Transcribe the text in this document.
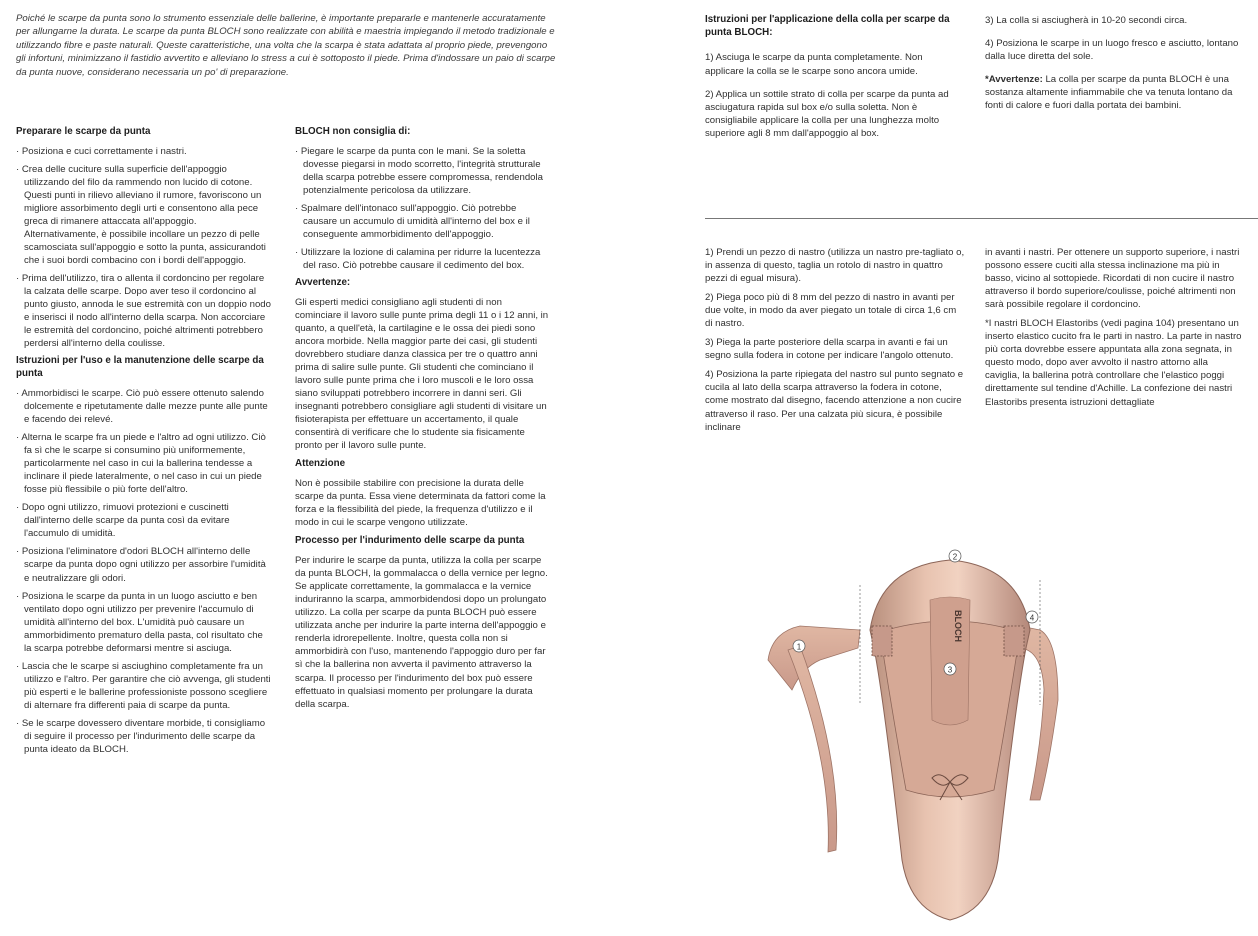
Poiché le scarpe da punta sono lo strumento essenziale delle ballerine, è importante prepararle e mantenerle accuratamente per allungarne la durata. Le scarpe da punta BLOCH sono realizzate con abilità e maestria impiegando il metodo tradizionale e utilizzando fibre e paste naturali. Queste caratteristiche, una volta che la scarpa è stata adattata al proprio piede, prevengono gli infortuni, minimizzano il fastidio avvertito e alleviano lo stress a cui è sottoposto il piede. Prima d'indossare un paio di scarpe da punta nuove, considerano necessaria un po' di preparazione.
Preparare le scarpe da punta

· Posiziona e cuci correttamente i nastri.

· Crea delle cuciture sulla superficie dell'appoggio utilizzando del filo da rammendo non lucido di cotone. Questi punti in rilievo alleviano il rumore, favoriscono un migliore assorbimento degli urti e consentono alla pece greca di rimanere attaccata all'appoggio. Alternativamente, è possibile incollare un pezzo di pelle scamosciata sull'appoggio e sotto la punta, assicurandoti che i suoi bordi combacino con i bordi dell'appoggio.

· Prima dell'utilizzo, tira o allenta il cordoncino per regolare la calzata delle scarpe. Dopo aver teso il cordoncino al punto giusto, annoda le sue estremità con un doppio nodo e inserisci il nodo all'interno della scarpa. Non accorciare le estremità del cordoncino, poiché altrimenti potrebbero perdersi all'interno della coulisse.

Istruzioni per l'uso e la manutenzione delle scarpe da punta

· Ammorbidisci le scarpe. Ciò può essere ottenuto salendo dolcemente e ripetutamente dalle mezze punte alle punte e facendo dei relevé.

· Alterna le scarpe fra un piede e l'altro ad ogni utilizzo. Ciò fa sì che le scarpe si consumino più uniformemente, particolarmente nel caso in cui la ballerina tendesse a inclinare il piede lateralmente, o nel caso in cui un piede fosse più flessibile o più forte dell'altro.

· Dopo ogni utilizzo, rimuovi protezioni e cuscinetti dall'interno delle scarpe da punta così da evitare l'accumulo di umidità.

· Posiziona l'eliminatore d'odori BLOCH all'interno delle scarpe da punta dopo ogni utilizzo per assorbire l'umidità e neutralizzare gli odori.

· Posiziona le scarpe da punta in un luogo asciutto e ben ventilato dopo ogni utilizzo per prevenire l'accumulo di umidità all'interno del box. L'umidità può causare un ammorbidimento prematuro della pasta, col risultato che la scarpa potrebbe deformarsi mentre si asciuga.

· Lascia che le scarpe si asciughino completamente fra un utilizzo e l'altro. Per garantire che ciò avvenga, gli studenti più esperti e le ballerine professioniste possono scegliere di alternare fra differenti paia di scarpe da punta.

· Se le scarpe dovessero diventare morbide, ti consigliamo di seguire il processo per l'indurimento delle scarpe da punta ideato da BLOCH.

BLOCH non consiglia di:

· Piegare le scarpe da punta con le mani. Se la soletta dovesse piegarsi in modo scorretto, l'integrità strutturale della scarpa potrebbe essere compromessa, rendendola potenzialmente pericolosa da utilizzare.

· Spalmare dell'intonaco sull'appoggio. Ciò potrebbe causare un accumulo di umidità all'interno del box e il conseguente ammorbidimento dell'appoggio.

· Utilizzare la lozione di calamina per ridurre la lucentezza del raso. Ciò potrebbe causare il cedimento del box.

Avvertenze:

Gli esperti medici consigliano agli studenti di non cominciare il lavoro sulle punte prima degli 11 o i 12 anni, in quanto, a quell'età, la cartilagine e le ossa dei piedi sono ancora morbide. Nella maggior parte dei casi, gli studenti dovrebbero studiare danza classica per tre o quattro anni prima di salire sulle punte. Gli studenti che cominciano il lavoro sulle punte prima che i loro muscoli e le loro ossa siano sviluppati potrebbero incorrere in danni seri. Gli insegnanti potrebbero consigliare agli studenti di visitare un fisioterapista per effettuare un accertamento, il quale consentirà di verificare che lo studente sia fisicamente pronto per il lavoro sulle punte.

Attenzione

Non è possibile stabilire con precisione la durata delle scarpe da punta. Essa viene determinata da fattori come la forza e la flessibilità del piede, la frequenza d'utilizzo e il modo in cui le scarpe vengono utilizzate.

Processo per l'indurimento delle scarpe da punta

Per indurire le scarpe da punta, utilizza la colla per scarpe da punta BLOCH, la gommalacca o della vernice per legno. Se applicate correttamente, la gommalacca e la vernice induriranno la scarpa, ammorbidendosi dopo un prolungato utilizzo. La colla per scarpe da punta BLOCH può essere utilizzata anche per indurire la parte interna dell'appoggio e renderla idrorepellente. Inoltre, questa colla non si ammorbidirà con l'uso, mantenendo l'appoggio duro per far sì che la ballerina non avverta il pavimento attraverso la scarpa. Il processo per l'indurimento del box può essere effettuato in qualsiasi momento per prolungare la durata della scarpa.

Istruzioni per l'applicazione della colla per scarpe da punta BLOCH:

1) Asciuga le scarpe da punta completamente. Non applicare la colla se le scarpe sono ancora umide.

2) Applica un sottile strato di colla per scarpe da punta ad asciugatura rapida sul box e/o sulla soletta. Non è consigliabile applicare la colla per una lunghezza molto superiore agli 8 mm dall'appoggio al box.

3) La colla si asciugherà in 10-20 secondi circa.

4) Posiziona le scarpe in un luogo fresco e asciutto, lontano dalla luce diretta del sole.

*Avvertenze: La colla per scarpe da punta BLOCH è una sostanza altamente infiammabile che va tenuta lontano da fonti di calore e fuori dalla portata dei bambini.

1) Prendi un pezzo di nastro (utilizza un nastro pre-tagliato o, in assenza di questo, taglia un rotolo di nastro in quattro pezzi di egual misura).

2) Piega poco più di 8 mm del pezzo di nastro in avanti per due volte, in modo da aver piegato un totale di circa 1,6 cm di nastro.

3) Piega la parte posteriore della scarpa in avanti e fai un segno sulla fodera in cotone per indicare l'angolo ottenuto.

4) Posiziona la parte ripiegata del nastro sul punto segnato e cucila al lato della scarpa attraverso la fodera in cotone, come mostrato dal disegno, facendo attenzione a non cucire attraverso il raso. Per una calzata più sicura, è possibile inclinare

in avanti i nastri. Per ottenere un supporto superiore, i nastri possono essere cuciti alla stessa inclinazione ma più in basso, vicino al sottopiede. Ricordati di non cucire il nastro attraverso il bordo superiore/coulisse, poiché altrimenti non sarà possibile regolare il cordoncino.

*I nastri BLOCH Elastoribs (vedi pagina 104) presentano un inserto elastico cucito fra le parti in nastro. La parte in nastro più corta dovrebbe essere appuntata alla zona segnata, in questo modo, dopo aver avvolto il nastro attorno alla caviglia, la ballerina potrà controllare che l'elastico poggi direttamente sul tendine d'Achille. La confezione dei nastri Elastoribs presenta istruzioni dettagliate

BLOCH
1
2
3
4
